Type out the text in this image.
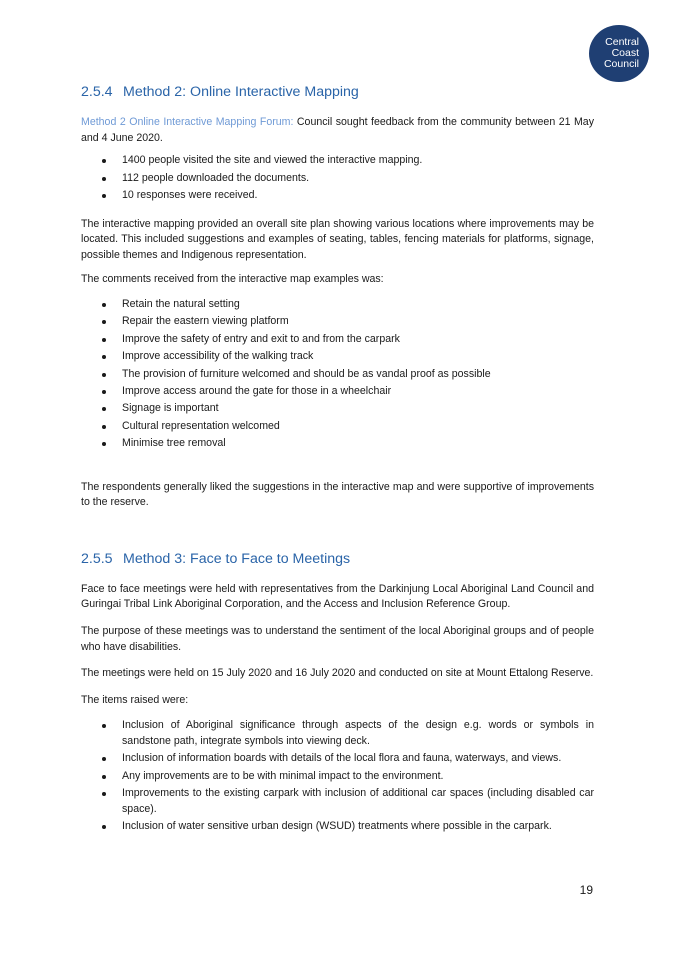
Central
Coast
Council
2.5.4 Method 2: Online Interactive Mapping

Method 2 Online Interactive Mapping Forum: Council sought feedback from the community between 21 May and 4 June 2020.

1400 people visited the site and viewed the interactive mapping.
112 people downloaded the documents.
10 responses were received.

The interactive mapping provided an overall site plan showing various locations where improvements may be located. This included suggestions and examples of seating, tables, fencing materials for platforms, signage, possible themes and Indigenous representation.

The comments received from the interactive map examples was:

Retain the natural setting
Repair the eastern viewing platform
Improve the safety of entry and exit to and from the carpark
Improve accessibility of the walking track
The provision of furniture welcomed and should be as vandal proof as possible
Improve access around the gate for those in a wheelchair
Signage is important
Cultural representation welcomed
Minimise tree removal

The respondents generally liked the suggestions in the interactive map and were supportive of improvements to the reserve.

2.5.5 Method 3: Face to Face to Meetings

Face to face meetings were held with representatives from the Darkinjung Local Aboriginal Land Council and Guringai Tribal Link Aboriginal Corporation, and the Access and Inclusion Reference Group.

The purpose of these meetings was to understand the sentiment of the local Aboriginal groups and of people who have disabilities.

The meetings were held on 15 July 2020 and 16 July 2020 and conducted on site at Mount Ettalong Reserve.

The items raised were:

Inclusion of Aboriginal significance through aspects of the design e.g. words or symbols in sandstone path, integrate symbols into viewing deck.
Inclusion of information boards with details of the local flora and fauna, waterways, and views.
Any improvements are to be with minimal impact to the environment.
Improvements to the existing carpark with inclusion of additional car spaces (including disabled car space).
Inclusion of water sensitive urban design (WSUD) treatments where possible in the carpark.
19
